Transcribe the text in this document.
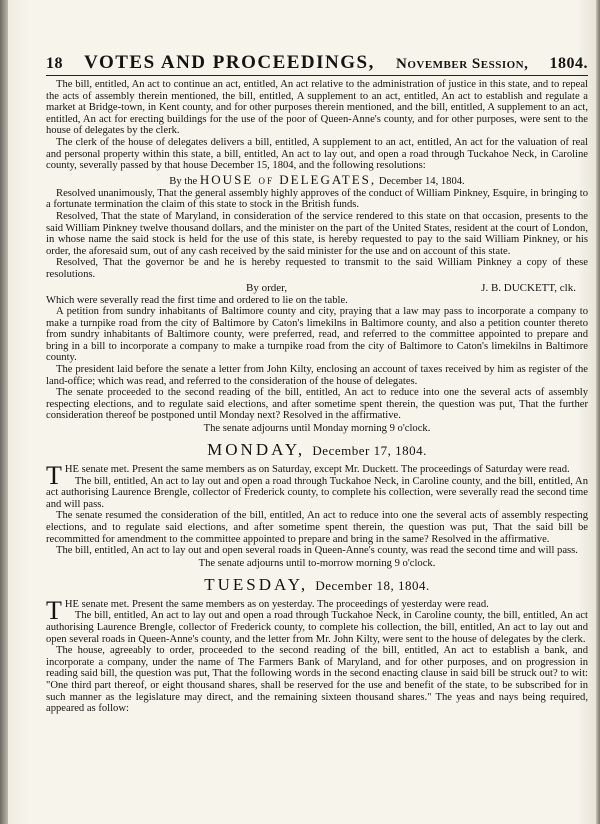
18 VOTES AND PROCEEDINGS, November Session, 1804.

The bill, entitled, An act to continue an act, entitled, An act relative to the administration of justice in this state, and to repeal the acts of assembly therein mentioned, the bill, entitled, A supplement to an act, entitled, An act to establish and regulate a market at Bridge-town, in Kent county, and for other purposes therein mentioned, and the bill, entitled, A supplement to an act, entitled, An act for erecting buildings for the use of the poor of Queen-Anne's county, and for other purposes, were sent to the house of delegates by the clerk.

The clerk of the house of delegates delivers a bill, entitled, A supplement to an act, entitled, An act for the valuation of real and personal property within this state, a bill, entitled, An act to lay out, and open a road through Tuckahoe Neck, in Caroline county, severally passed by that house December 15, 1804, and the following resolutions:

By the HOUSE of DELEGATES, December 14, 1804.

Resolved unanimously, That the general assembly highly approves of the conduct of William Pinkney, Esquire, in bringing to a fortunate termination the claim of this state to stock in the British funds.

Resolved, That the state of Maryland, in consideration of the service rendered to this state on that occasion, presents to the said William Pinkney twelve thousand dollars, and the minister on the part of the United States, resident at the court of London, in whose name the said stock is held for the use of this state, is hereby requested to pay to the said William Pinkney, or his order, the aforesaid sum, out of any cash received by the said minister for the use and on account of this state.

Resolved, That the governor be and he is hereby requested to transmit to the said William Pinkney a copy of these resolutions.

By order,	J. B. DUCKETT, clk.

Which were severally read the first time and ordered to lie on the table.

A petition from sundry inhabitants of Baltimore county and city, praying that a law may pass to incorporate a company to make a turnpike road from the city of Baltimore by Caton's limekilns in Baltimore county, and also a petition counter thereto from sundry inhabitants of Baltimore county, were preferred, read, and referred to the committee appointed to prepare and bring in a bill to incorporate a company to make a turnpike road from the city of Baltimore to Caton's limekilns in Baltimore county.

The president laid before the senate a letter from John Kilty, enclosing an account of taxes received by him as register of the land-office; which was read, and referred to the consideration of the house of delegates.

The senate proceeded to the second reading of the bill, entitled, An act to reduce into one the several acts of assembly respecting elections, and to regulate said elections, and after sometime spent therein, the question was put, That the further consideration thereof be postponed until Monday next? Resolved in the affirmative.

The senate adjourns until Monday morning 9 o'clock.
MONDAY, December 17, 1804.

THE senate met. Present the same members as on Saturday, except Mr. Duckett. The proceedings of Saturday were read.

The bill, entitled, An act to lay out and open a road through Tuckahoe Neck, in Caroline county, and the bill, entitled, An act authorising Laurence Brengle, collector of Frederick county, to complete his collection, were severally read the second time and will pass.

The senate resumed the consideration of the bill, entitled, An act to reduce into one the several acts of assembly respecting elections, and to regulate said elections, and after sometime spent therein, the question was put, That the said bill be recommitted for amendment to the committee appointed to prepare and bring in the same? Resolved in the affirmative.

The bill, entitled, An act to lay out and open several roads in Queen-Anne's county, was read the second time and will pass.

The senate adjourns until to-morrow morning 9 o'clock.
TUESDAY, December 18, 1804.

THE senate met. Present the same members as on yesterday. The proceedings of yesterday were read.

The bill, entitled, An act to lay out and open a road through Tuckahoe Neck, in Caroline county, the bill, entitled, An act authorising Laurence Brengle, collector of Frederick county, to complete his collection, the bill, entitled, An act to lay out and open several roads in Queen-Anne's county, and the letter from Mr. John Kilty, were sent to the house of delegates by the clerk.

The house, agreeably to order, proceeded to the second reading of the bill, entitled, An act to establish a bank, and incorporate a company, under the name of The Farmers Bank of Maryland, and for other purposes, and on progression in reading said bill, the question was put, That the following words in the second enacting clause in said bill be struck out? to wit: "One third part thereof, or eight thousand shares, shall be reserved for the use and benefit of the state, to be subscribed for in such manner as the legislature may direct, and the remaining sixteen thousand shares." The yeas and nays being required, appeared as follow:
